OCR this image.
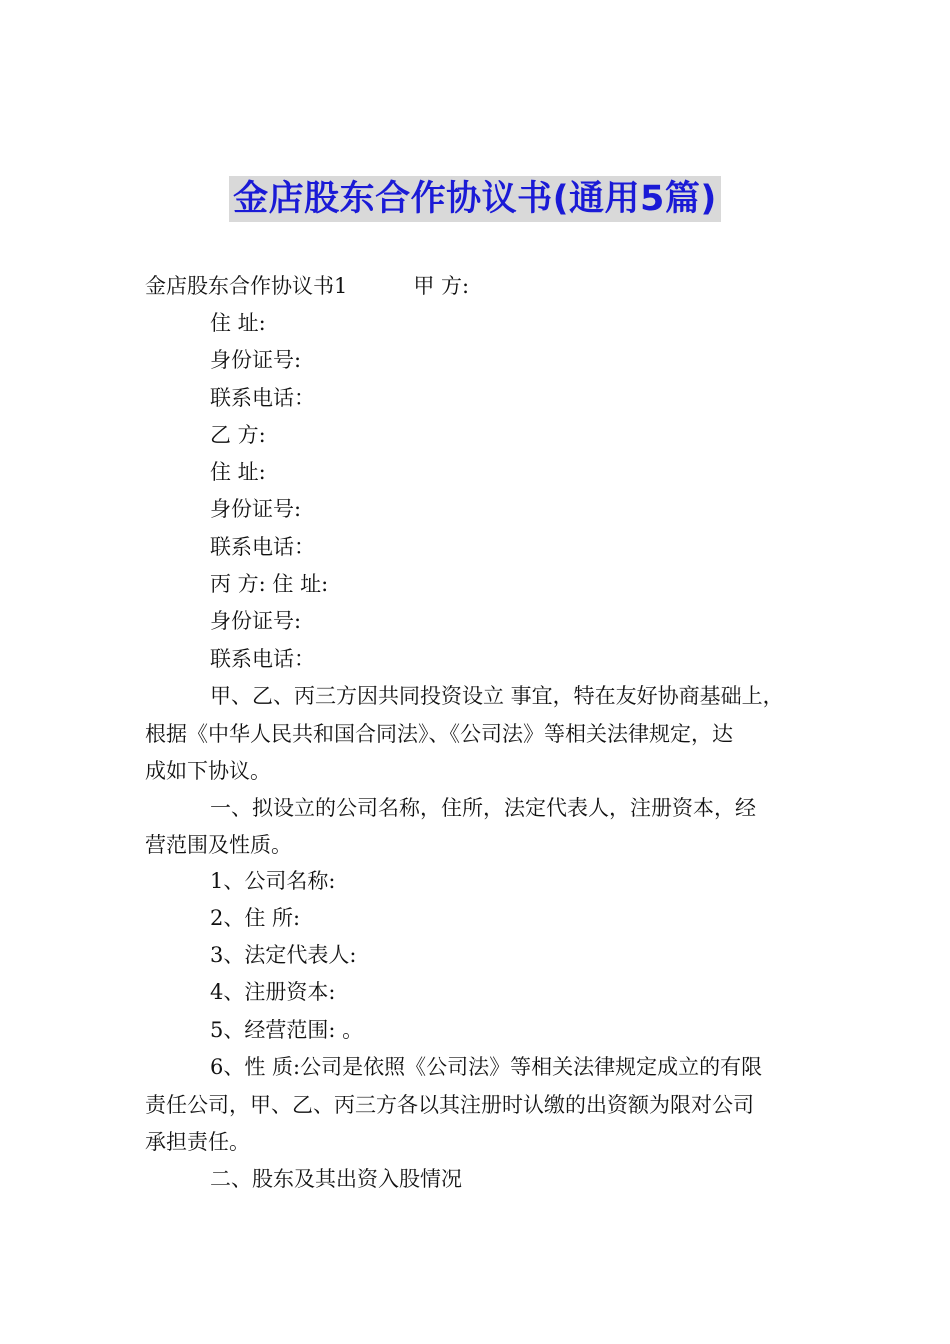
金店股东合作协议书(通用5篇)
金店股东合作协议书1	甲 方:
住 址:
身份证号:
联系电话：
乙 方:
住 址:
身份证号:
联系电话：
丙 方: 住 址:
身份证号:
联系电话：
甲、乙、丙三方因共同投资设立 事宜，特在友好协商基础上，
根据《中华人民共和国合同法》、《公司法》等相关法律规定，达
成如下协议。
一、拟设立的公司名称，住所，法定代表人，注册资本，经
营范围及性质。
1、公司名称:
2、住 所:
3、法定代表人:
4、注册资本:
5、经营范围: 。
6、性 质:公司是依照《公司法》等相关法律规定成立的有限
责任公司，甲、乙、丙三方各以其注册时认缴的出资额为限对公司
承担责任。
二、股东及其出资入股情况
